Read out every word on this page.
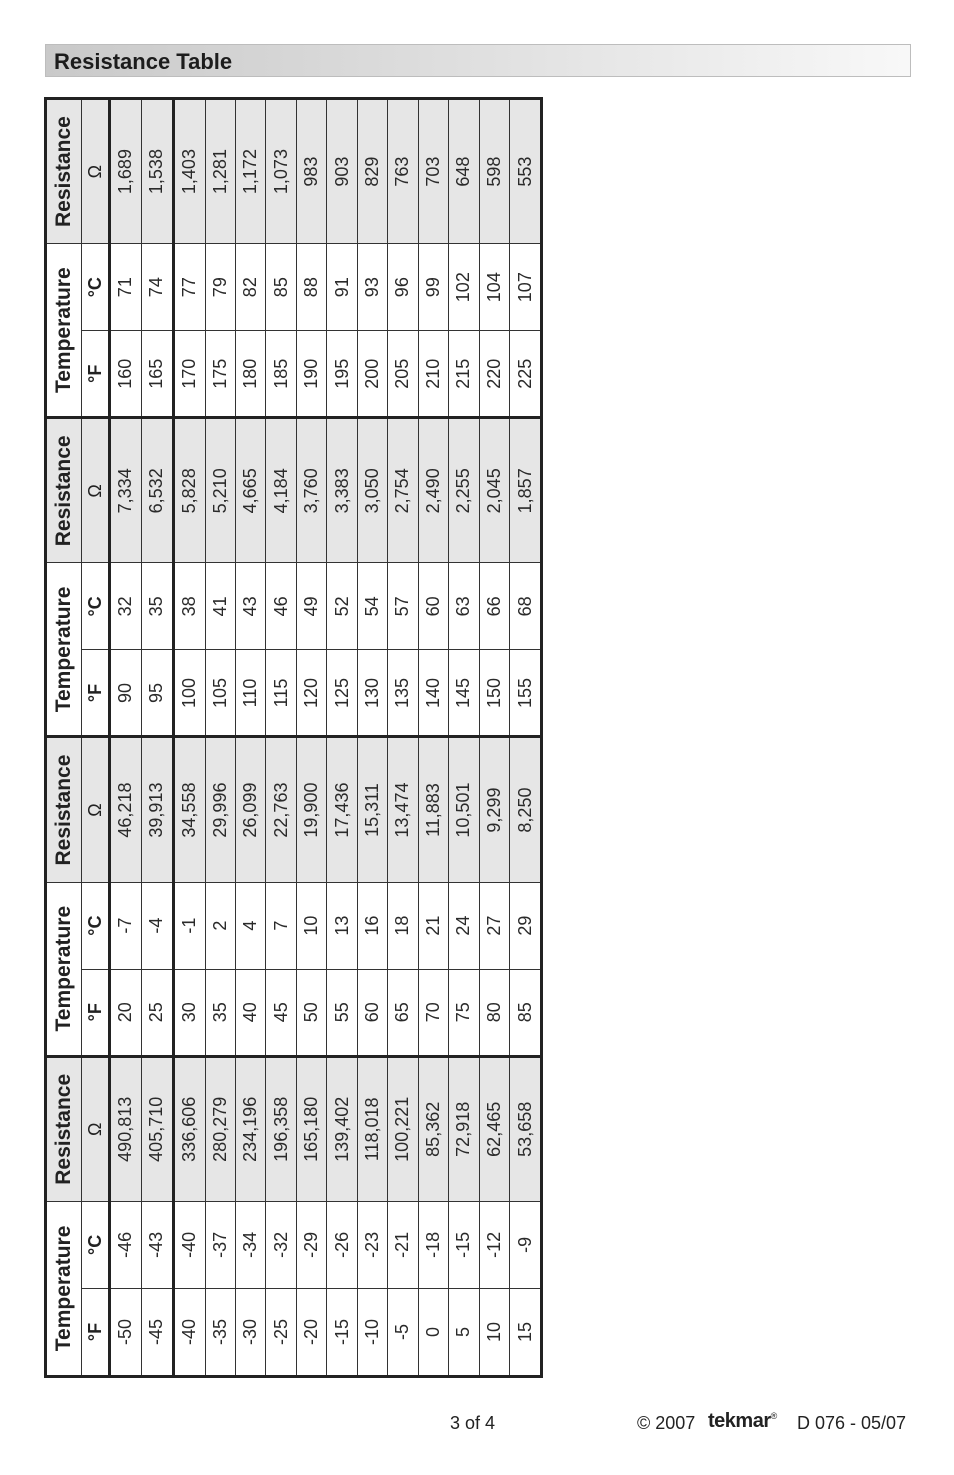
Resistance Table
Temperature		Resistance	Temperature		Resistance	Temperature		Resistance	Temperature		Resistance
°F	°C	Ω	°F	°C	Ω	°F	°C	Ω	°F	°C	Ω
-50	-46	490,813	20	-7	46,218	90	32	7,334	160	71	1,689
-45	-43	405,710	25	-4	39,913	95	35	6,532	165	74	1,538
-40	-40	336,606	30	-1	34,558	100	38	5,828	170	77	1,403
-35	-37	280,279	35	2	29,996	105	41	5,210	175	79	1,281
-30	-34	234,196	40	4	26,099	110	43	4,665	180	82	1,172
-25	-32	196,358	45	7	22,763	115	46	4,184	185	85	1,073
-20	-29	165,180	50	10	19,900	120	49	3,760	190	88	983
-15	-26	139,402	55	13	17,436	125	52	3,383	195	91	903
-10	-23	118,018	60	16	15,311	130	54	3,050	200	93	829
-5	-21	100,221	65	18	13,474	135	57	2,754	205	96	763
0	-18	85,362	70	21	11,883	140	60	2,490	210	99	703
5	-15	72,918	75	24	10,501	145	63	2,255	215	102	648
10	-12	62,465	80	27	9,299	150	66	2,045	220	104	598
15	-9	53,658	85	29	8,250	155	68	1,857	225	107	553
3 of 4	© 2007 tekmar® D 076 - 05/07
